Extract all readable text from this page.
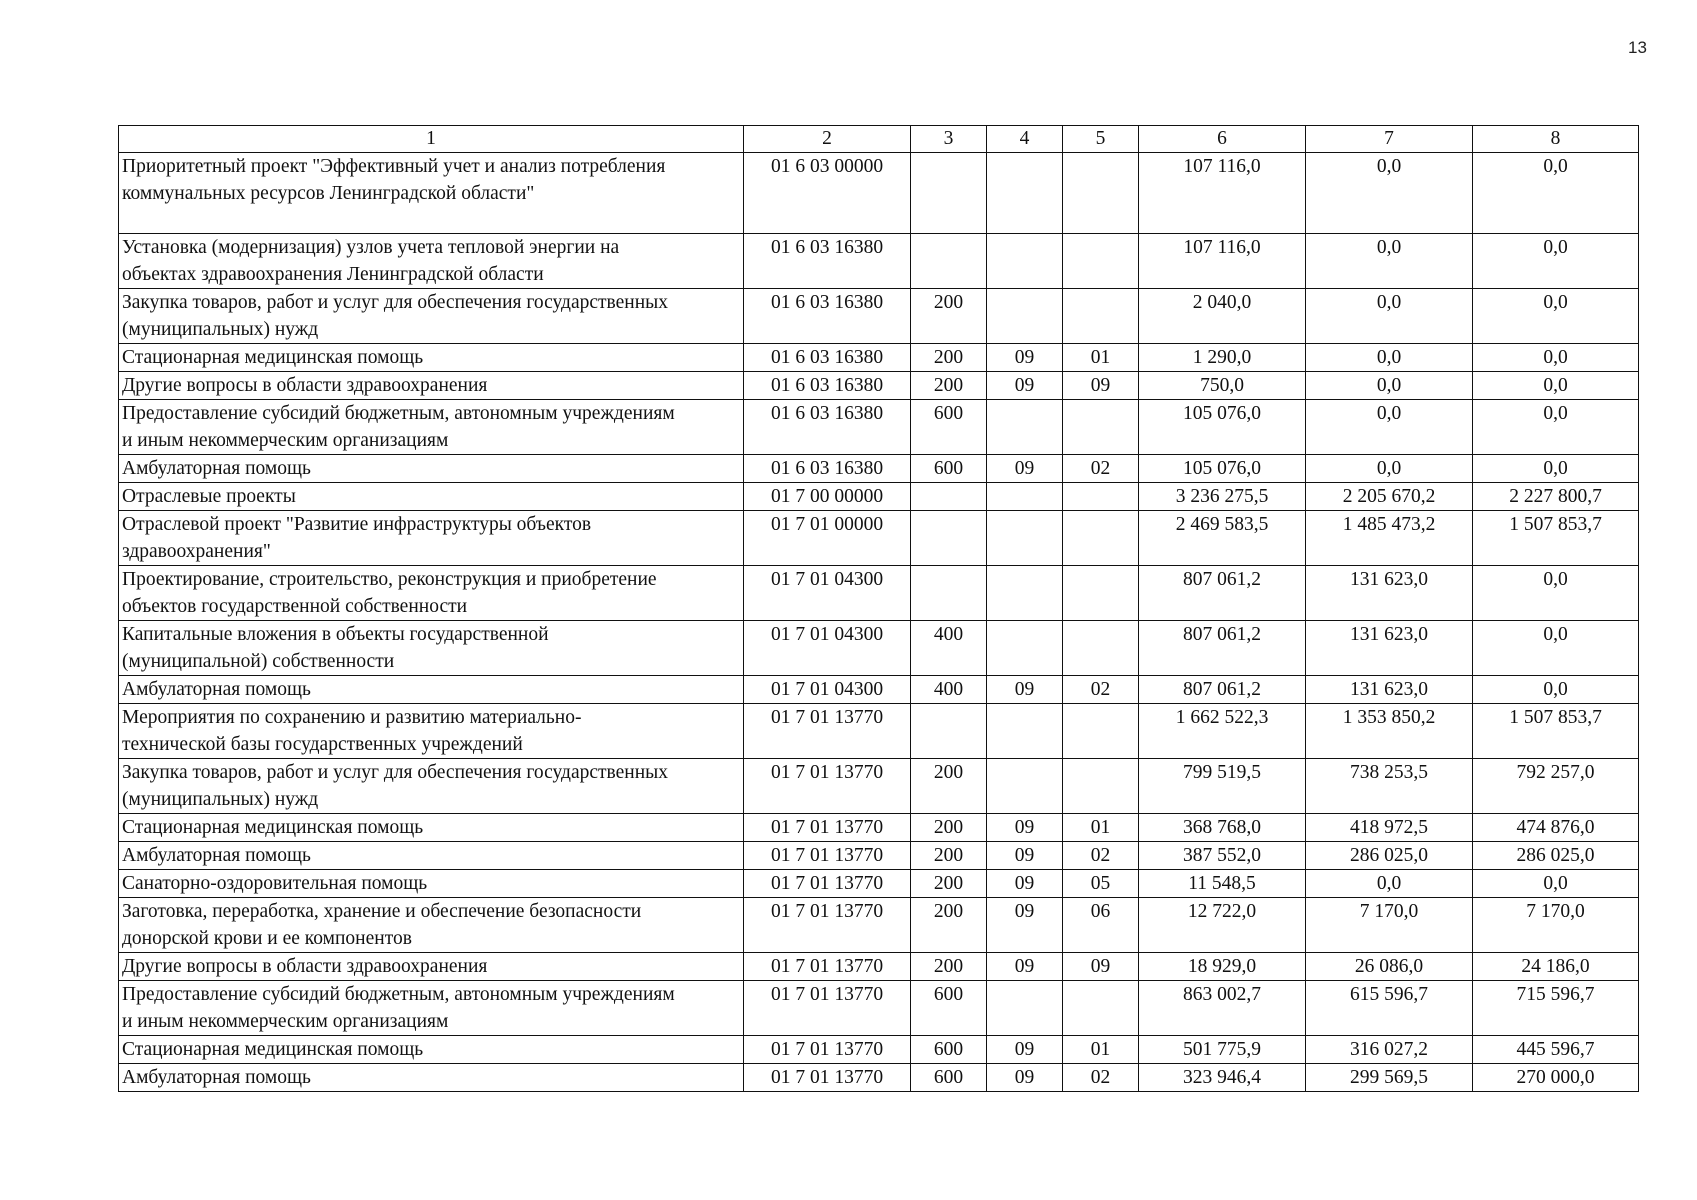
13
1	2	3	4	5	6	7	8
Приоритетный проект "Эффективный учет и анализ потребления
коммунальных ресурсов Ленинградской области"	01 6 03 00000				107 116,0	0,0	0,0
Установка (модернизация) узлов учета тепловой энергии на
объектах здравоохранения Ленинградской области	01 6 03 16380				107 116,0	0,0	0,0
Закупка товаров, работ и услуг для обеспечения государственных
(муниципальных) нужд	01 6 03 16380	200			2 040,0	0,0	0,0
Стационарная медицинская помощь	01 6 03 16380	200	09	01	1 290,0	0,0	0,0
Другие вопросы в области здравоохранения	01 6 03 16380	200	09	09	750,0	0,0	0,0
Предоставление субсидий бюджетным, автономным учреждениям
и иным некоммерческим организациям	01 6 03 16380	600			105 076,0	0,0	0,0
Амбулаторная помощь	01 6 03 16380	600	09	02	105 076,0	0,0	0,0
Отраслевые проекты	01 7 00 00000				3 236 275,5	2 205 670,2	2 227 800,7
Отраслевой проект "Развитие инфраструктуры объектов
здравоохранения"	01 7 01 00000				2 469 583,5	1 485 473,2	1 507 853,7
Проектирование, строительство, реконструкция и приобретение
объектов государственной собственности	01 7 01 04300				807 061,2	131 623,0	0,0
Капитальные вложения в объекты государственной
(муниципальной) собственности	01 7 01 04300	400			807 061,2	131 623,0	0,0
Амбулаторная помощь	01 7 01 04300	400	09	02	807 061,2	131 623,0	0,0
Мероприятия по сохранению и развитию материально-
технической базы государственных учреждений	01 7 01 13770				1 662 522,3	1 353 850,2	1 507 853,7
Закупка товаров, работ и услуг для обеспечения государственных
(муниципальных) нужд	01 7 01 13770	200			799 519,5	738 253,5	792 257,0
Стационарная медицинская помощь	01 7 01 13770	200	09	01	368 768,0	418 972,5	474 876,0
Амбулаторная помощь	01 7 01 13770	200	09	02	387 552,0	286 025,0	286 025,0
Санаторно-оздоровительная помощь	01 7 01 13770	200	09	05	11 548,5	0,0	0,0
Заготовка, переработка, хранение и обеспечение безопасности
донорской крови и ее компонентов	01 7 01 13770	200	09	06	12 722,0	7 170,0	7 170,0
Другие вопросы в области здравоохранения	01 7 01 13770	200	09	09	18 929,0	26 086,0	24 186,0
Предоставление субсидий бюджетным, автономным учреждениям
и иным некоммерческим организациям	01 7 01 13770	600			863 002,7	615 596,7	715 596,7
Стационарная медицинская помощь	01 7 01 13770	600	09	01	501 775,9	316 027,2	445 596,7
Амбулаторная помощь	01 7 01 13770	600	09	02	323 946,4	299 569,5	270 000,0
